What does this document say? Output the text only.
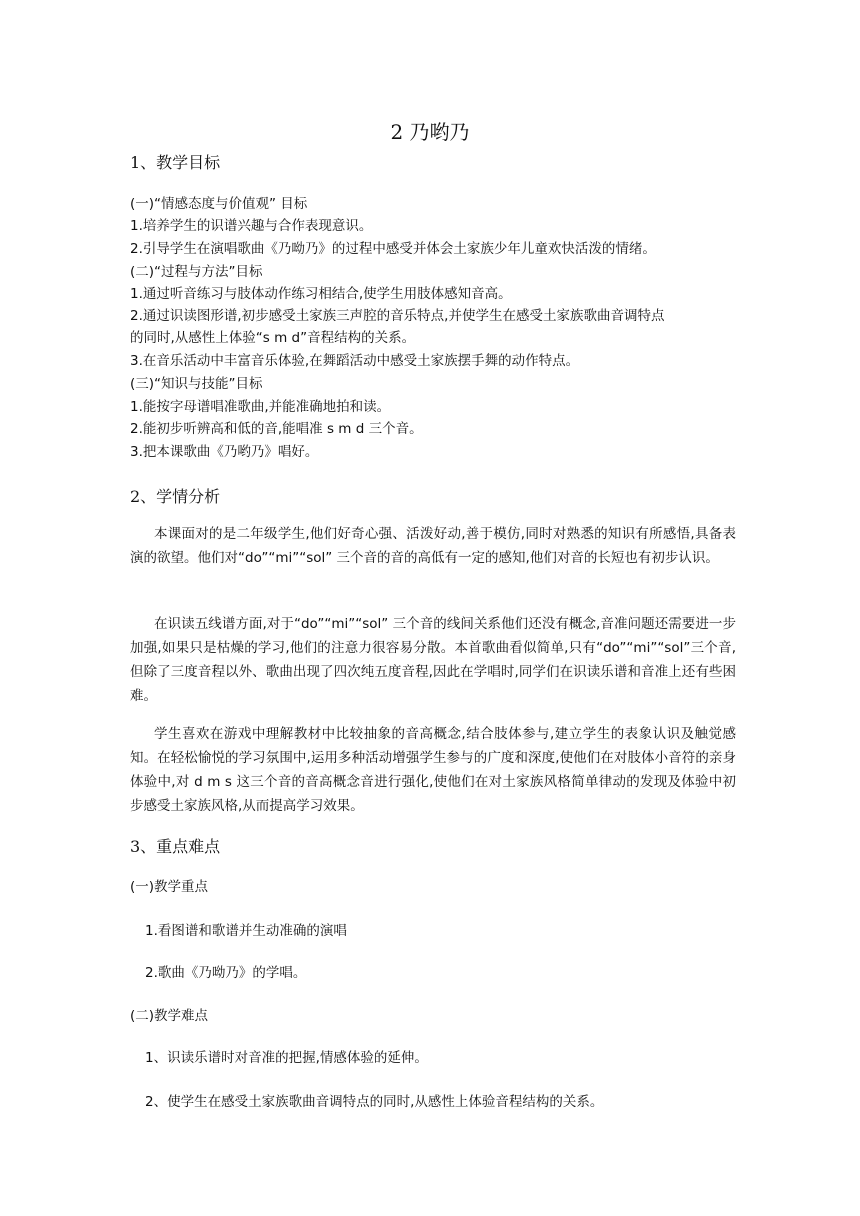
2 乃哟乃
1、教学目标
(一)“情感态度与价值观” 目标
1.培养学生的识谱兴趣与合作表现意识。
2.引导学生在演唱歌曲《乃呦乃》的过程中感受并体会土家族少年儿童欢快活泼的情绪。
(二)“过程与方法”目标
1.通过听音练习与肢体动作练习相结合,使学生用肢体感知音高。
2.通过识读图形谱,初步感受土家族三声腔的音乐特点,并使学生在感受土家族歌曲音调特点
的同时,从感性上体验“s m d”音程结构的关系。
3.在音乐活动中丰富音乐体验,在舞蹈活动中感受土家族摆手舞的动作特点。
(三)“知识与技能”目标
1.能按字母谱唱准歌曲,并能准确地拍和读。
2.能初步听辨高和低的音,能唱准 s m d 三个音。
3.把本课歌曲《乃哟乃》唱好。
2、学情分析
本课面对的是二年级学生,他们好奇心强、活泼好动,善于模仿,同时对熟悉的知识有所感悟,具备表演的欲望。他们对“do”“mi”“sol” 三个音的音的高低有一定的感知,他们对音的长短也有初步认识。
在识读五线谱方面,对于“do”“mi”“sol” 三个音的线间关系他们还没有概念,音准问题还需要进一步加强,如果只是枯燥的学习,他们的注意力很容易分散。本首歌曲看似简单,只有“do”“mi”“sol”三个音,但除了三度音程以外、歌曲出现了四次纯五度音程,因此在学唱时,同学们在识读乐谱和音准上还有些困难。
学生喜欢在游戏中理解教材中比较抽象的音高概念,结合肢体参与,建立学生的表象认识及触觉感知。在轻松愉悦的学习氛围中,运用多种活动增强学生参与的广度和深度,使他们在对肢体小音符的亲身体验中,对 d m s 这三个音的音高概念音进行强化,使他们在对土家族风格简单律动的发现及体验中初步感受土家族风格,从而提高学习效果。
3、重点难点
(一)教学重点
1.看图谱和歌谱并生动准确的演唱
2.歌曲《乃呦乃》的学唱。
(二)教学难点
1、识读乐谱时对音准的把握,情感体验的延伸。
2、使学生在感受土家族歌曲音调特点的同时,从感性上体验音程结构的关系。
